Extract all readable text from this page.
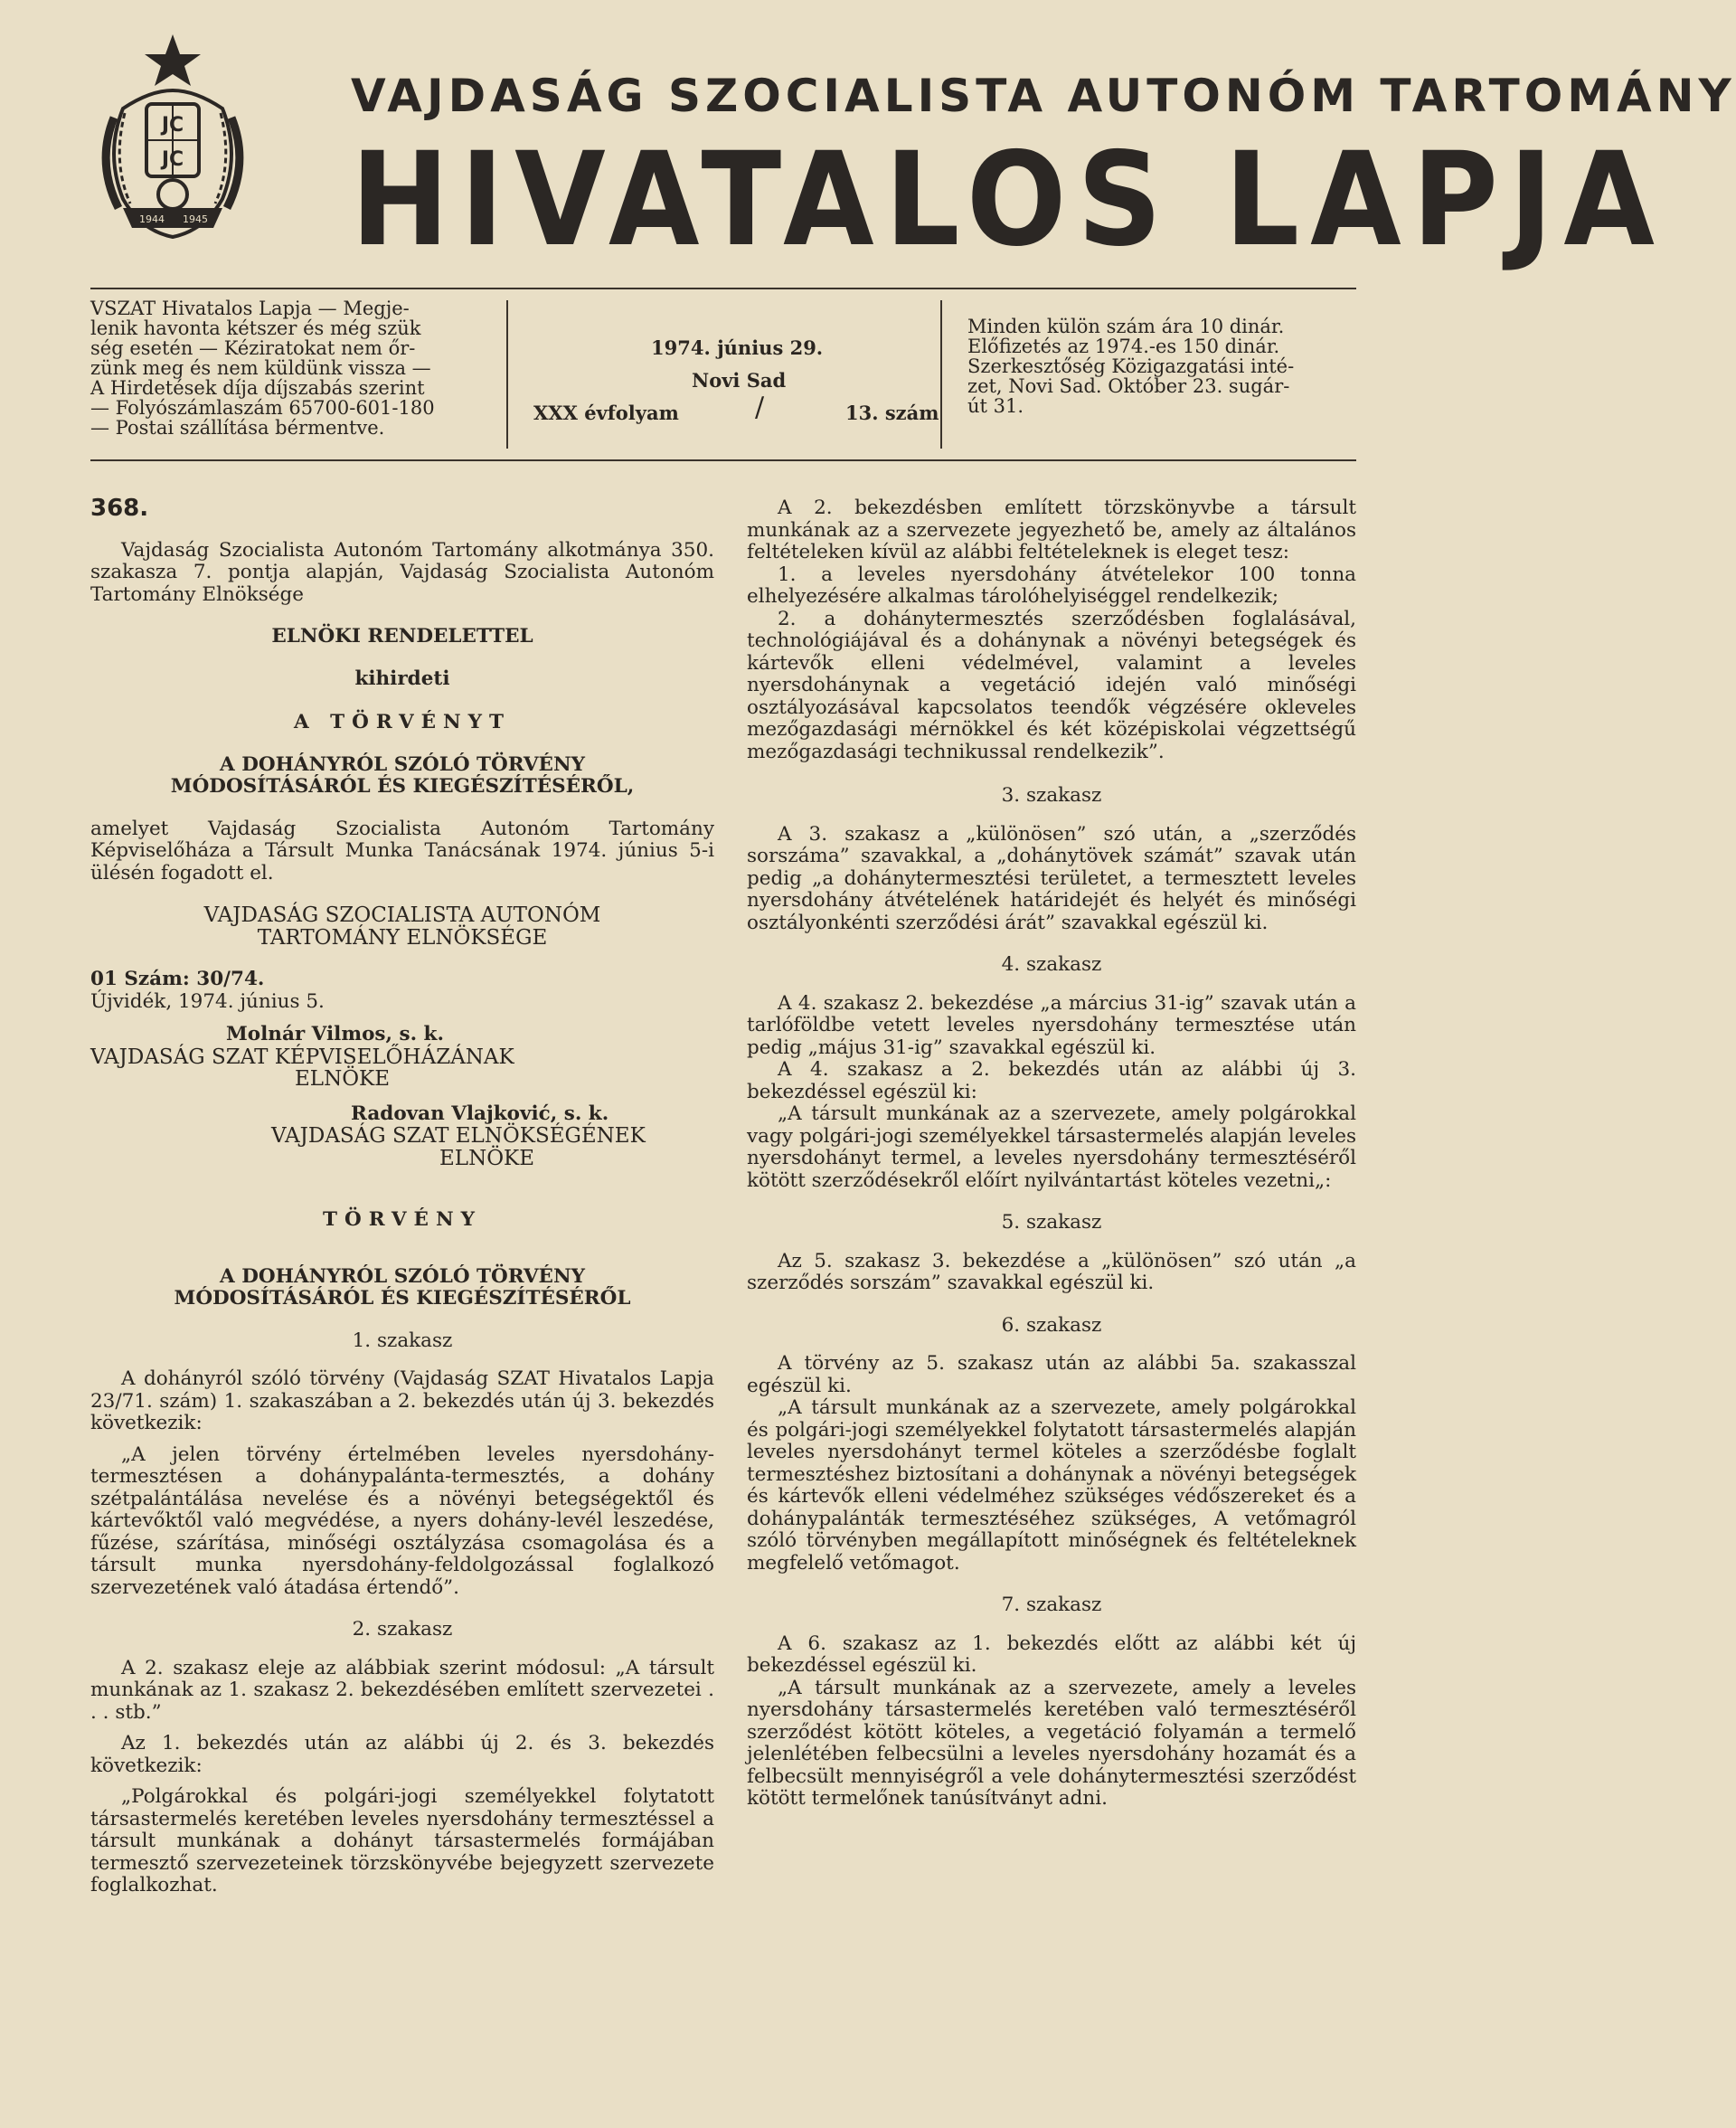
JC
JC
1944 1945
VAJDASÁG SZOCIALISTA AUTONÓM TARTOMÁNY
HIVATALOS LAPJA
VSZAT Hivatalos Lapja — Megje-
lenik havonta kétszer és még szük
ség esetén — Kéziratokat nem őr-
zünk meg és nem küldünk vissza —
A Hirdetések díja díjszabás szerint
— Folyószámlaszám 65700-601-180
— Postai szállítása bérmentve.
1974. június 29.
Novi Sad
XXX évfolyam	/	13. szám
Minden külön szám ára 10 dinár.
Előfizetés az 1974.-es 150 dinár.
Szerkesztőség Közigazgatási inté-
zet, Novi Sad. Október 23. sugár-
út 31.

368.

Vajdaság Szocialista Autonóm Tartomány alkotmánya 350. szakasza 7. pontja alapján, Vajdaság Szocialista Autonóm Tartomány Elnöksége

ELNÖKI RENDELETTEL

kihirdeti

A TÖRVÉNYT

A DOHÁNYRÓL SZÓLÓ TÖRVÉNY

MÓDOSÍTÁSÁRÓL ÉS KIEGÉSZÍTÉSÉRŐL,

amelyet Vajdaság Szocialista Autonóm Tartomány Képviselőháza a Társult Munka Tanácsának 1974. június 5-i ülésén fogadott el.

VAJDASÁG SZOCIALISTA AUTONÓM

TARTOMÁNY ELNÖKSÉGE

01 Szám: 30/74.

Újvidék, 1974. június 5.

Molnár Vilmos, s. k.

VAJDASÁG SZAT KÉPVISELŐHÁZÁNAK

ELNÖKE

Radovan Vlajković, s. k.

VAJDASÁG SZAT ELNÖKSÉGÉNEK

ELNÖKE

TÖRVÉNY

A DOHÁNYRÓL SZÓLÓ TÖRVÉNY

MÓDOSÍTÁSÁRÓL ÉS KIEGÉSZÍTÉSÉRŐL

1. szakasz

A dohányról szóló törvény (Vajdaság SZAT Hivatalos Lapja 23/71. szám) 1. szakaszában a 2. bekezdés után új 3. bekezdés következik:

„A jelen törvény értelmében leveles nyersdohány-termesztésen a dohánypalánta-termesztés, a dohány szétpalántálása nevelése és a növényi betegségektől és kártevőktől való megvédése, a nyers dohány-levél leszedése, fűzése, szárítása, minőségi osztályzása csomagolása és a társult munka nyersdohány-feldolgozással foglalkozó szervezetének való átadása értendő”.

2. szakasz

A 2. szakasz eleje az alábbiak szerint módosul: „A társult munkának az 1. szakasz 2. bekezdésében említett szervezetei . . . stb.”

Az 1. bekezdés után az alábbi új 2. és 3. bekezdés következik:

„Polgárokkal és polgári-jogi személyekkel folytatott társastermelés keretében leveles nyersdohány termesztéssel a társult munkának a dohányt társastermelés formájában termesztő szervezeteinek törzskönyvébe bejegyzett szervezete foglalkozhat.

A 2. bekezdésben említett törzskönyvbe a társult munkának az a szervezete jegyezhető be, amely az általános feltételeken kívül az alábbi feltételeknek is eleget tesz:

1. a leveles nyersdohány átvételekor 100 tonna elhelyezésére alkalmas tárolóhelyiséggel rendelkezik;

2. a dohánytermesztés szerződésben foglalásával, technológiájával és a dohánynak a növényi betegségek és kártevők elleni védelmével, valamint a leveles nyersdohánynak a vegetáció idején való minőségi osztályozásával kapcsolatos teendők végzésére okleveles mezőgazdasági mérnökkel és két középiskolai végzettségű mezőgazdasági technikussal rendelkezik”.

3. szakasz

A 3. szakasz a „különösen” szó után, a „szerződés sorszáma” szavakkal, a „dohánytövek számát” szavak után pedig „a dohánytermesztési területet, a termesztett leveles nyersdohány átvételének határidejét és helyét és minőségi osztályonkénti szerződési árát” szavakkal egészül ki.

4. szakasz

A 4. szakasz 2. bekezdése „a március 31-ig” szavak után a tarlóföldbe vetett leveles nyersdohány termesztése után pedig „május 31-ig” szavakkal egészül ki.

A 4. szakasz a 2. bekezdés után az alábbi új 3. bekezdéssel egészül ki:

„A társult munkának az a szervezete, amely polgárokkal vagy polgári-jogi személyekkel társastermelés alapján leveles nyersdohányt termel, a leveles nyersdohány termesztéséről kötött szerződésekről előírt nyilvántartást köteles vezetni„:

5. szakasz

Az 5. szakasz 3. bekezdése a „különösen” szó után „a szerződés sorszám” szavakkal egészül ki.

6. szakasz

A törvény az 5. szakasz után az alábbi 5a. szakasszal egészül ki.

„A társult munkának az a szervezete, amely polgárokkal és polgári-jogi személyekkel folytatott társastermelés alapján leveles nyersdohányt termel köteles a szerződésbe foglalt termesztéshez biztosítani a dohánynak a növényi betegségek és kártevők elleni védelméhez szükséges védőszereket és a dohánypalánták termesztéséhez szükséges, A vetőmagról szóló törvényben megállapított minőségnek és feltételeknek megfelelő vetőmagot.

7. szakasz

A 6. szakasz az 1. bekezdés előtt az alábbi két új bekezdéssel egészül ki.

„A társult munkának az a szervezete, amely a leveles nyersdohány társastermelés keretében való termesztéséről szerződést kötött köteles, a vegetáció folyamán a termelő jelenlétében felbecsülni a leveles nyersdohány hozamát és a felbecsült mennyiségről a vele dohánytermesztési szerződést kötött termelőnek tanúsítványt adni.
